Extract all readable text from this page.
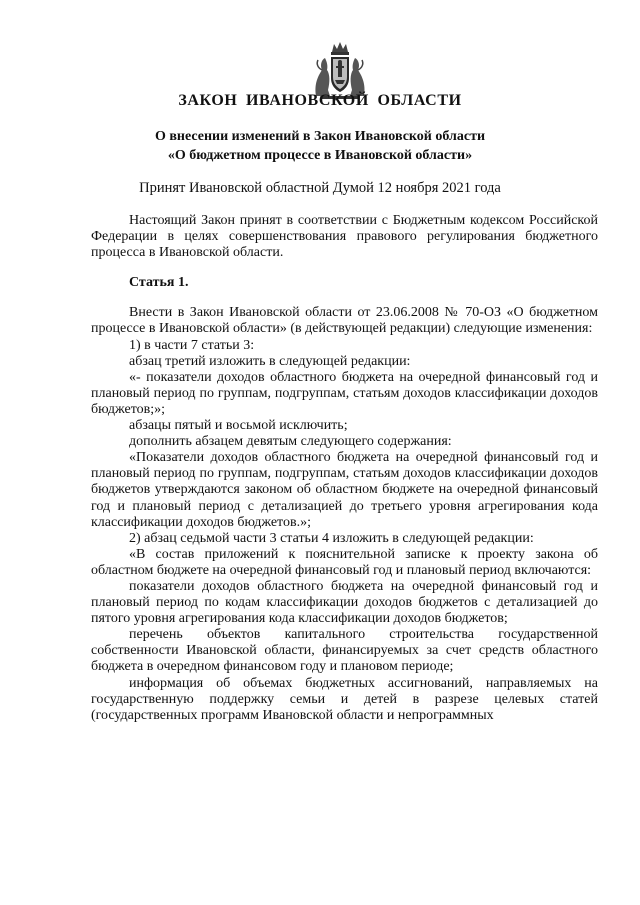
ЗАКОН ИВАНОВСКОЙ ОБЛАСТИ
О внесении изменений в Закон Ивановской области
«О бюджетном процессе в Ивановской области»
Принят Ивановской областной Думой 12 ноября 2021 года

Настоящий Закон принят в соответствии с Бюджетным кодексом Российской Федерации в целях совершенствования правового регулирования бюджетного процесса в Ивановской области.

Статья 1.

Внести в Закон Ивановской области от 23.06.2008 № 70-ОЗ «О бюджетном процессе в Ивановской области» (в действующей редакции) следующие изменения:

1) в части 7 статьи 3:

абзац третий изложить в следующей редакции:

«- показатели доходов областного бюджета на очередной финансовый год и плановый период по группам, подгруппам, статьям доходов классификации доходов бюджетов;»;

абзацы пятый и восьмой исключить;

дополнить абзацем девятым следующего содержания:

«Показатели доходов областного бюджета на очередной финансовый год и плановый период по группам, подгруппам, статьям доходов классификации доходов бюджетов утверждаются законом об областном бюджете на очередной финансовый год и плановый период с детализацией до третьего уровня агрегирования кода классификации доходов бюджетов.»;

2) абзац седьмой части 3 статьи 4 изложить в следующей редакции:

«В состав приложений к пояснительной записке к проекту закона об областном бюджете на очередной финансовый год и плановый период включаются:

показатели доходов областного бюджета на очередной финансовый год и плановый период по кодам классификации доходов бюджетов с детализацией до пятого уровня агрегирования кода классификации доходов бюджетов;

перечень объектов капитального строительства государственной собственности Ивановской области, финансируемых за счет средств областного бюджета в очередном финансовом году и плановом периоде;

информация об объемах бюджетных ассигнований, направляемых на государственную поддержку семьи и детей в разрезе целевых статей (государственных программ Ивановской области и непрограммных
